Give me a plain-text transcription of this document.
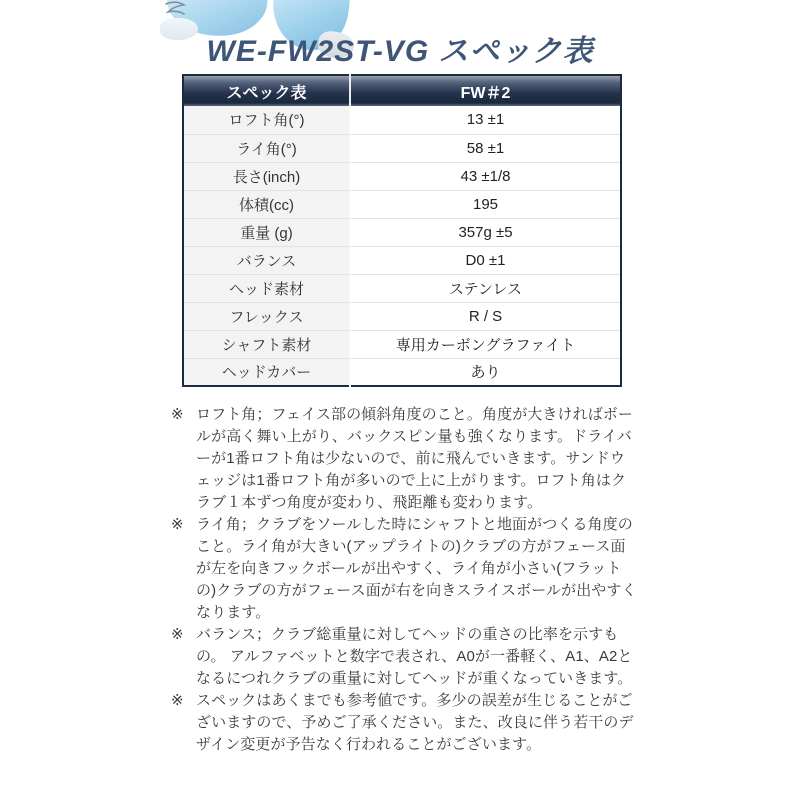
WE-FW2ST-VG スペック表
スペック表	FW＃2
ロフト角(°)	13 ±1
ライ角(°)	58 ±1
長さ(inch)	43 ±1/8
体積(cc)	195
重量 (g)	357g ±5
バランス	D0 ±1
ヘッド素材	ステンレス
フレックス	R / S
シャフト素材	専用カーボングラファイト
ヘッドカバー	あり
※ ロフト角；フェイス部の傾斜角度のこと。角度が大きければボールが高く舞い上がり、バックスピン量も強くなります。ドライバーが1番ロフト角は少ないので、前に飛んでいきます。サンドウェッジは1番ロフト角が多いので上に上がります。ロフト角はクラブ１本ずつ角度が変わり、飛距離も変わります。

※ ライ角；クラブをソールした時にシャフトと地面がつくる角度のこと。ライ角が大きい(アップライトの)クラブの方がフェース面が左を向きフックボールが出やすく、ライ角が小さい(フラットの)クラブの方がフェース面が右を向きスライスボールが出やすくなります。

※ バランス；クラブ総重量に対してヘッドの重さの比率を示すもの。 アルファベットと数字で表され、A0が一番軽く、A1、A2となるにつれクラブの重量に対してヘッドが重くなっていきます。

※ スペックはあくまでも参考値です。多少の誤差が生じることがございますので、予めご了承ください。また、改良に伴う若干のデザイン変更が予告なく行われることがございます。
